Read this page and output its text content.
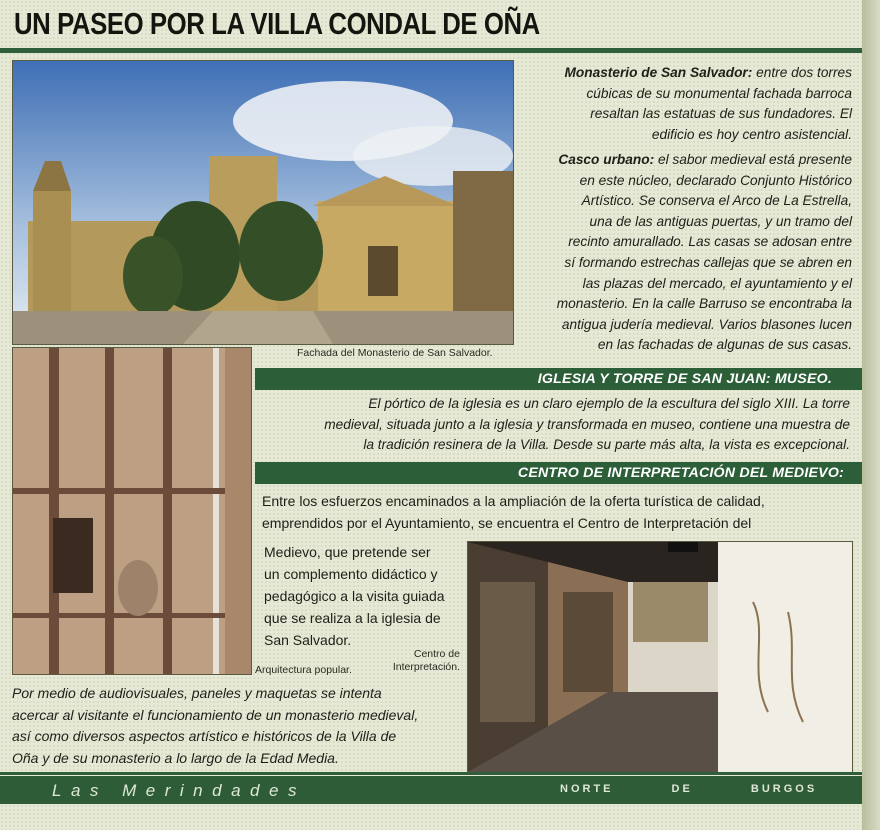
UN PASEO POR LA VILLA CONDAL DE OÑA

Monasterio de San Salvador: entre dos torres
cúbicas de su monumental fachada barroca
resaltan las estatuas de sus fundadores. El
edificio es hoy centro asistencial.

Casco urbano: el sabor medieval está presente
en este núcleo, declarado Conjunto Histórico
Artístico. Se conserva el Arco de La Estrella,
una de las antiguas puertas, y un tramo del
recinto amurallado. Las casas se adosan entre
sí formando estrechas callejas que se abren en
las plazas del mercado, el ayuntamiento y el
monasterio. En la calle Barruso se encontraba la
antigua judería medieval. Varios blasones lucen
en las fachadas de algunas de sus casas.

Fachada del Monasterio de San Salvador.
IGLESIA Y TORRE DE SAN JUAN: MUSEO.

El pórtico de la iglesia es un claro ejemplo de la escultura del siglo XIII. La torre
medieval, situada junto a la iglesia y transformada en museo, contiene una muestra de
la tradición resinera de la Villa. Desde su parte más alta, la vista es excepcional.

CENTRO DE INTERPRETACIÓN DEL MEDIEVO:

Entre los esfuerzos encaminados a la ampliación de la oferta turística de calidad,
emprendidos por el Ayuntamiento, se encuentra el Centro de Interpretación del

Medievo, que pretende ser
un complemento didáctico y
pedagógico a la visita guiada
que se realiza a la iglesia de
San Salvador.

Arquitectura popular.
Centro de
Interpretación.

Por medio de audiovisuales, paneles y maquetas se intenta
acercar al visitante el funcionamiento de un monasterio medieval,
así como diversos aspectos artístico e históricos de la Villa de
Oña y de su monasterio a lo largo de la Edad Media.

Las Merindades	NORTE DE BURGOS
